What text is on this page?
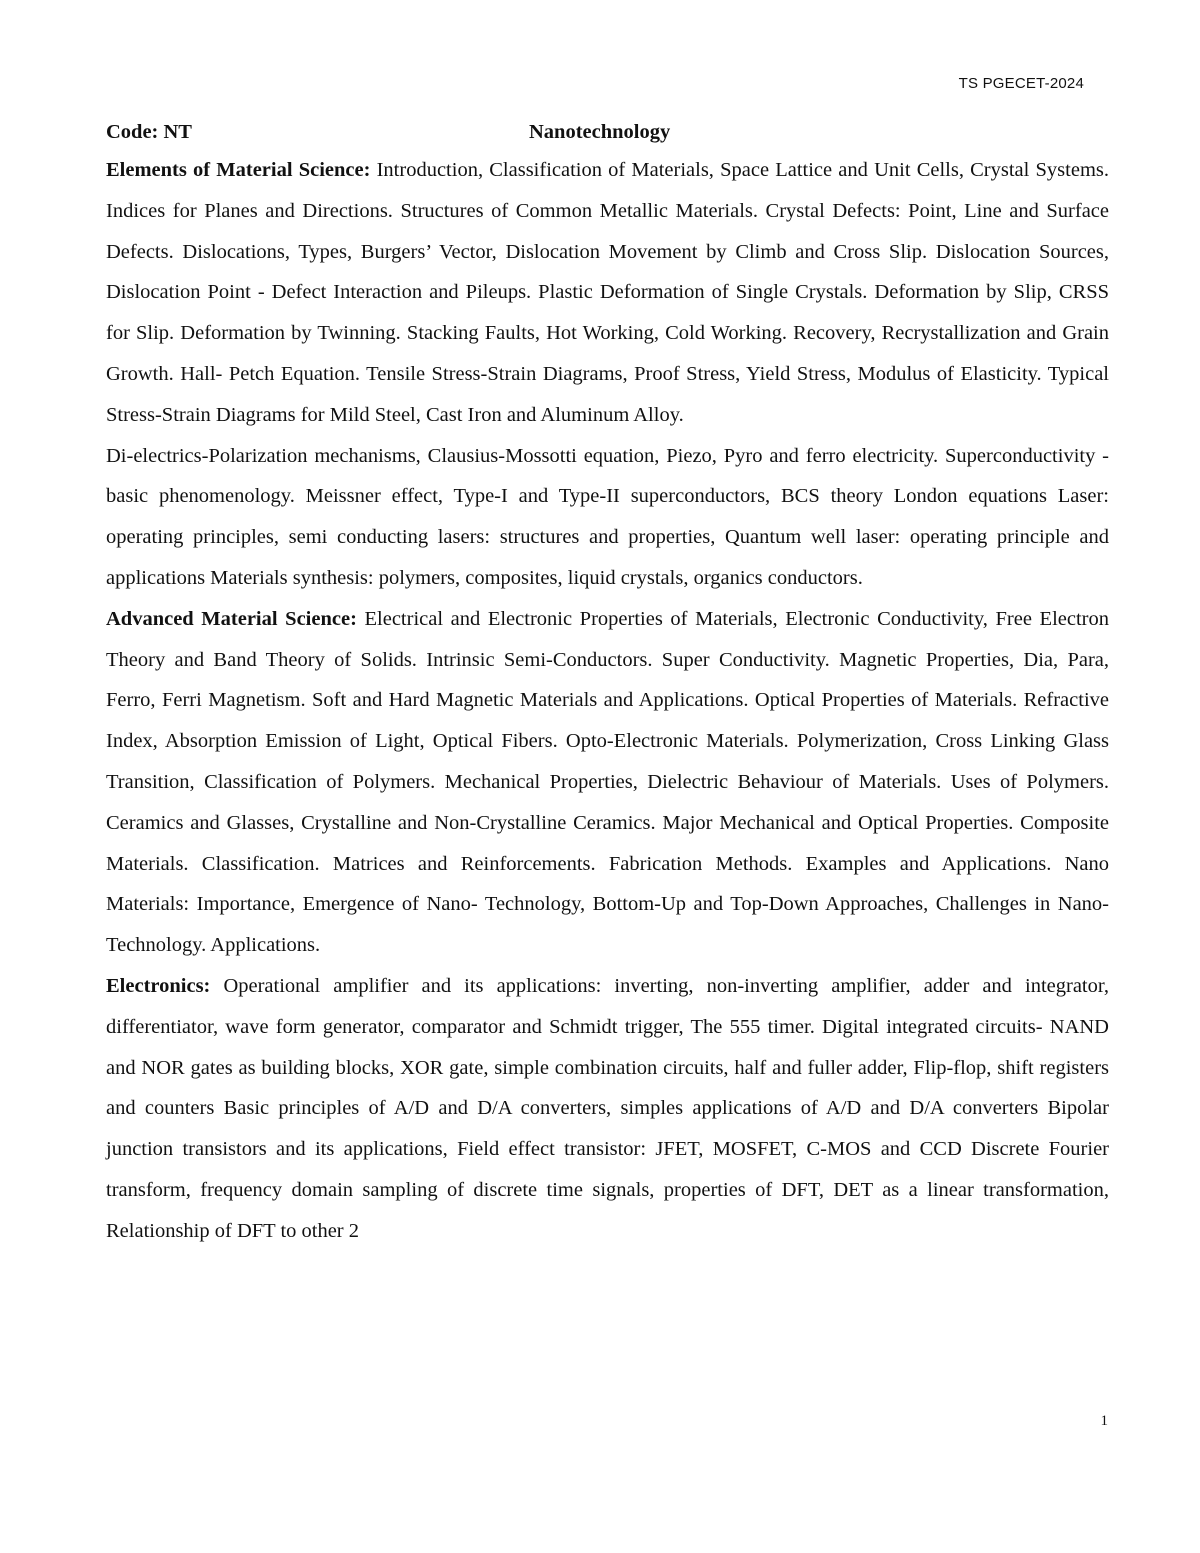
TS PGECET-2024
Code: NT	Nanotechnology

Elements of Material Science: Introduction, Classification of Materials, Space Lattice and Unit Cells, Crystal Systems. Indices for Planes and Directions. Structures of Common Metallic Materials. Crystal Defects: Point, Line and Surface Defects. Dislocations, Types, Burgers’ Vector, Dislocation Movement by Climb and Cross Slip. Dislocation Sources, Dislocation Point - Defect Interaction and Pileups. Plastic Deformation of Single Crystals. Deformation by Slip, CRSS for Slip. Deformation by Twinning. Stacking Faults, Hot Working, Cold Working. Recovery, Recrystallization and Grain Growth. Hall- Petch Equation. Tensile Stress-Strain Diagrams, Proof Stress, Yield Stress, Modulus of Elasticity. Typical Stress-Strain Diagrams for Mild Steel, Cast Iron and Aluminum Alloy.

Di-electrics-Polarization mechanisms, Clausius-Mossotti equation, Piezo, Pyro and ferro electricity. Superconductivity - basic phenomenology. Meissner effect, Type-I and Type-II superconductors, BCS theory London equations Laser: operating principles, semi conducting lasers: structures and properties, Quantum well laser: operating principle and applications Materials synthesis: polymers, composites, liquid crystals, organics conductors.

Advanced Material Science: Electrical and Electronic Properties of Materials, Electronic Conductivity, Free Electron Theory and Band Theory of Solids. Intrinsic Semi-Conductors. Super Conductivity. Magnetic Properties, Dia, Para, Ferro, Ferri Magnetism. Soft and Hard Magnetic Materials and Applications. Optical Properties of Materials. Refractive Index, Absorption Emission of Light, Optical Fibers. Opto-Electronic Materials. Polymerization, Cross Linking Glass Transition, Classification of Polymers. Mechanical Properties, Dielectric Behaviour of Materials. Uses of Polymers. Ceramics and Glasses, Crystalline and Non-Crystalline Ceramics. Major Mechanical and Optical Properties. Composite Materials. Classification. Matrices and Reinforcements. Fabrication Methods. Examples and Applications. Nano Materials: Importance, Emergence of Nano- Technology, Bottom-Up and Top-Down Approaches, Challenges in Nano-Technology. Applications.

Electronics: Operational amplifier and its applications: inverting, non-inverting amplifier, adder and integrator, differentiator, wave form generator, comparator and Schmidt trigger, The 555 timer. Digital integrated circuits- NAND and NOR gates as building blocks, XOR gate, simple combination circuits, half and fuller adder, Flip-flop, shift registers and counters Basic principles of A/D and D/A converters, simples applications of A/D and D/A converters Bipolar junction transistors and its applications, Field effect transistor: JFET, MOSFET, C-MOS and CCD Discrete Fourier transform, frequency domain sampling of discrete time signals, properties of DFT, DET as a linear transformation, Relationship of DFT to other 2

1
